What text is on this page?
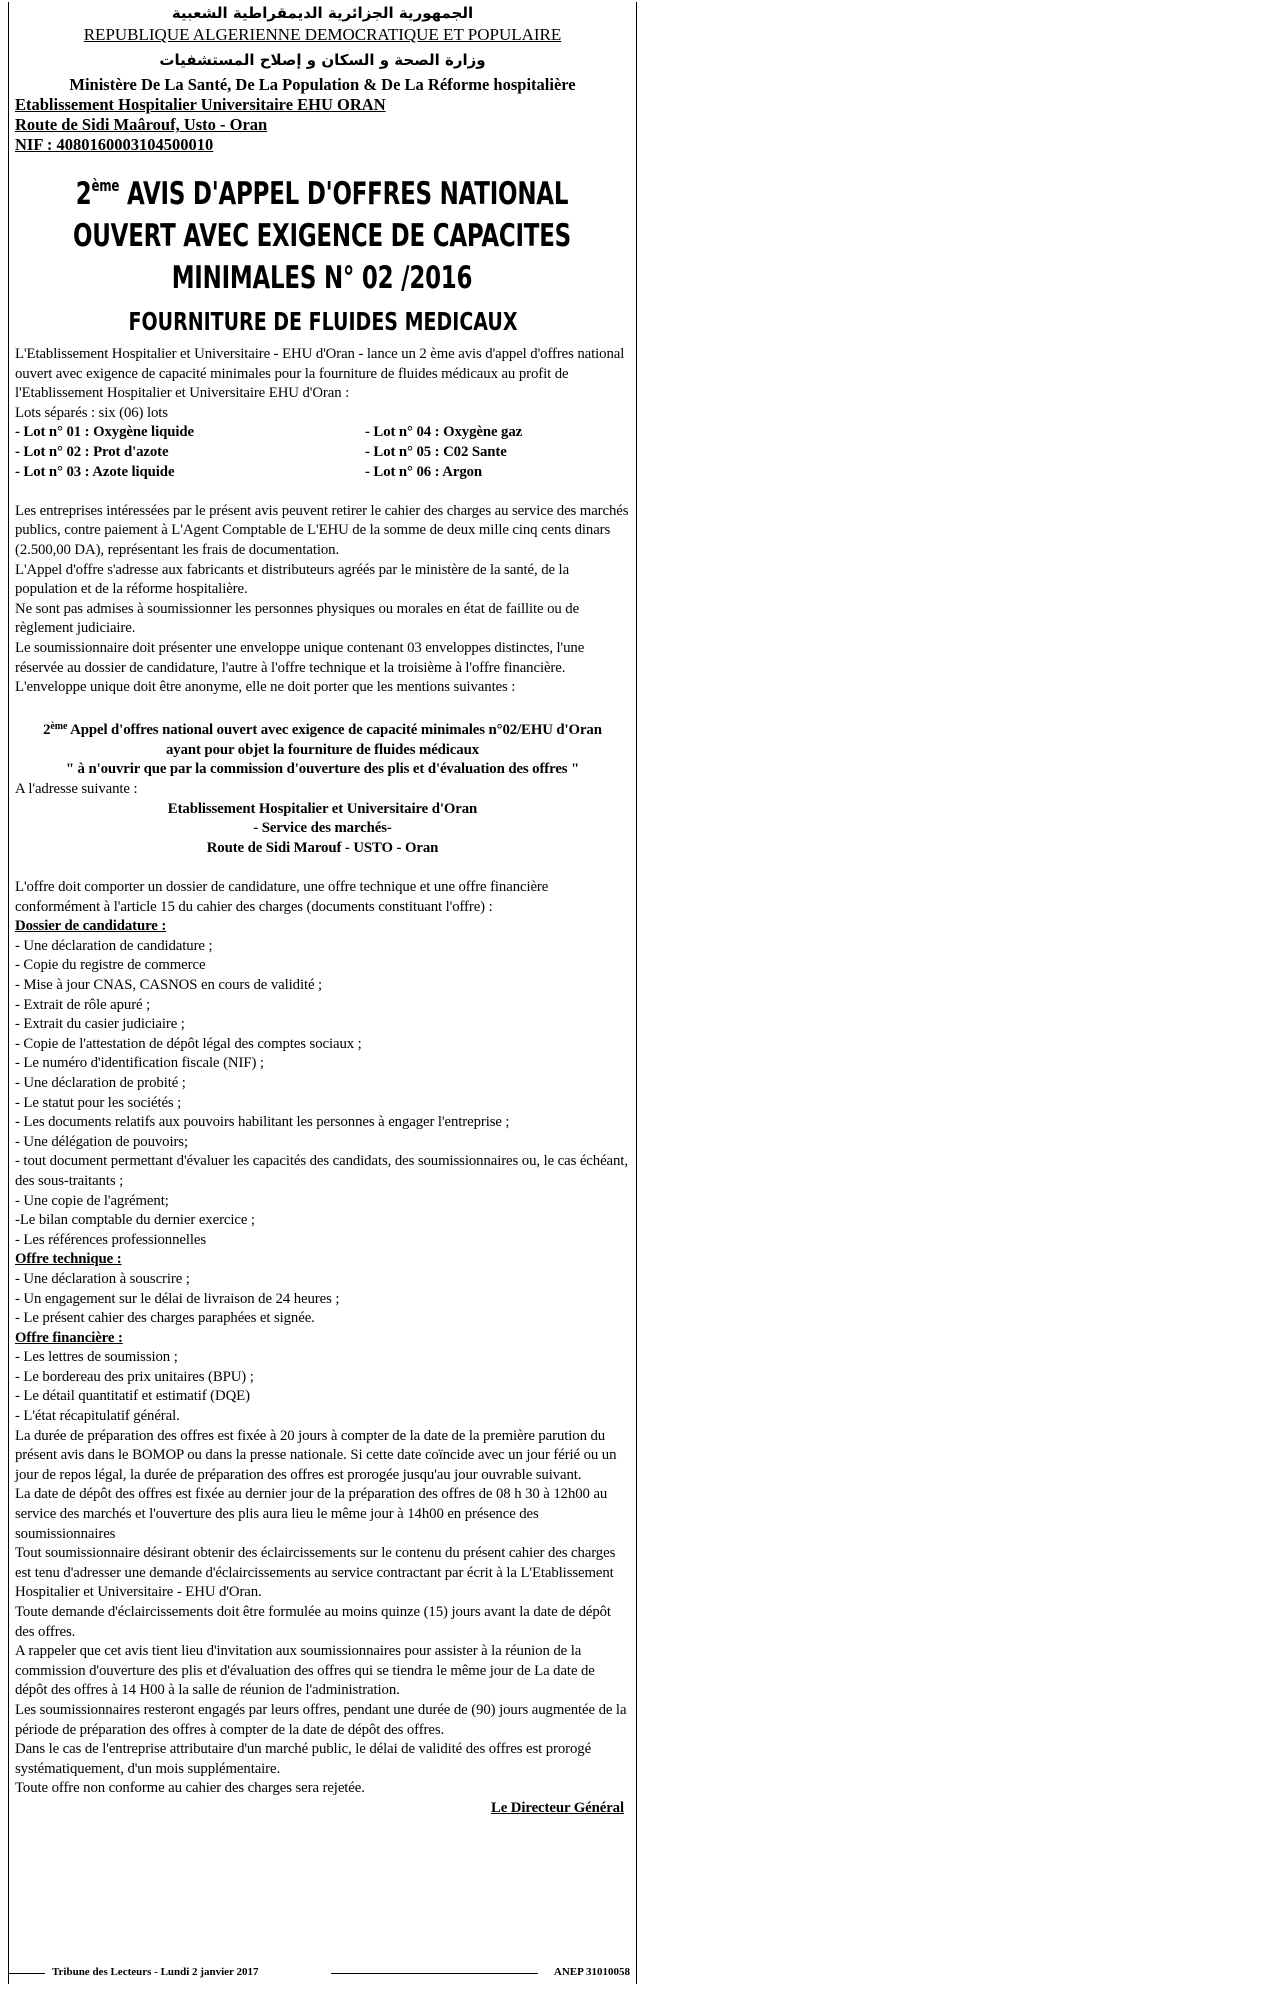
الجمهورية الجزائرية الديمقراطية الشعبية
REPUBLIQUE ALGERIENNE DEMOCRATIQUE ET POPULAIRE
وزارة الصحة و السكان و إصلاح المستشفيات
Ministère De La Santé, De La Population & De La Réforme hospitalière
Etablissement Hospitalier Universitaire EHU ORAN
Route de Sidi Maârouf, Usto - Oran
NIF : 408016000310450001​0
2ème AVIS D'APPEL D'OFFRES NATIONAL
OUVERT AVEC EXIGENCE DE CAPACITES
MINIMALES N° 02 /2016
FOURNITURE DE FLUIDES MEDICAUX

L'Etablissement Hospitalier et Universitaire - EHU d'Oran - lance un 2 ème avis d'appel d'offres national ouvert avec exigence de capacité minimales pour la fourniture de fluides médicaux au profit de l'Etablissement Hospitalier et Universitaire EHU d'Oran :

Lots séparés : six (06) lots

- Lot n° 01 : Oxygène liquide	- Lot n° 04 : Oxygène gaz
- Lot n° 02 : Prot d'azote	- Lot n° 05 : C02 Sante
- Lot n° 03 : Azote liquide	- Lot n° 06 : Argon

Les entreprises intéressées par le présent avis peuvent retirer le cahier des charges au service des marchés publics, contre paiement à L'Agent Comptable de L'EHU de la somme de deux mille cinq cents dinars (2.500,00 DA), représentant les frais de documentation.

L'Appel d'offre s'adresse aux fabricants et distributeurs agréés par le ministère de la santé, de la population et de la réforme hospitalière.

Ne sont pas admises à soumissionner les personnes physiques ou morales en état de faillite ou de règlement judiciaire.

Le soumissionnaire doit présenter une enveloppe unique contenant 03 enveloppes distinctes, l'une réservée au dossier de candidature, l'autre à l'offre technique et la troisième à l'offre financière. L'enveloppe unique doit être anonyme, elle ne doit porter que les mentions suivantes :

2ème Appel d'offres national ouvert avec exigence de capacité minimales n°02/EHU d'Oran ayant pour objet la fourniture de fluides médicaux
" à n'ouvrir que par la commission d'ouverture des plis et d'évaluation des offres "

A l'adresse suivante :

Etablissement Hospitalier et Universitaire d'Oran
- Service des marchés-
Route de Sidi Marouf - USTO - Oran

L'offre doit comporter un dossier de candidature, une offre technique et une offre financière conformément à l'article 15 du cahier des charges (documents constituant l'offre) :

Dossier de candidature :
- Une déclaration de candidature ;
- Copie du registre de commerce
- Mise à jour CNAS, CASNOS en cours de validité ;
- Extrait de rôle apuré ;
- Extrait du casier judiciaire ;
- Copie de l'attestation de dépôt légal des comptes sociaux ;
- Le numéro d'identification fiscale (NIF) ;
- Une déclaration de probité ;
- Le statut pour les sociétés ;
- Les documents relatifs aux pouvoirs habilitant les personnes à engager l'entreprise ;
- Une délégation de pouvoirs;
- tout document permettant d'évaluer les capacités des candidats, des soumissionnaires ou, le cas échéant, des sous-traitants ;
- Une copie de l'agrément;
-Le bilan comptable du dernier exercice ;
- Les références professionnelles
Offre technique :
- Une déclaration à souscrire ;
- Un engagement sur le délai de livraison de 24 heures ;
- Le présent cahier des charges paraphées et signée.
Offre financière :
- Les lettres de soumission ;
- Le bordereau des prix unitaires (BPU) ;
- Le détail quantitatif et estimatif (DQE)
- L'état récapitulatif général.

La durée de préparation des offres est fixée à 20 jours à compter de la date de la première parution du présent avis dans le BOMOP ou dans la presse nationale. Si cette date coïncide avec un jour férié ou un jour de repos légal, la durée de préparation des offres est prorogée jusqu'au jour ouvrable suivant.

La date de dépôt des offres est fixée au dernier jour de la préparation des offres de 08 h 30 à 12h00 au service des marchés et l'ouverture des plis aura lieu le même jour à 14h00 en présence des soumissionnaires

Tout soumissionnaire désirant obtenir des éclaircissements sur le contenu du présent cahier des charges est tenu d'adresser une demande d'éclaircissements au service contractant par écrit à la L'Etablissement Hospitalier et Universitaire - EHU d'Oran.

Toute demande d'éclaircissements doit être formulée au moins quinze (15) jours avant la date de dépôt des offres.

A rappeler que cet avis tient lieu d'invitation aux soumissionnaires pour assister à la réunion de la commission d'ouverture des plis et d'évaluation des offres qui se tiendra le même jour de La date de dépôt des offres à 14 H00 à la salle de réunion de l'administration.

Les soumissionnaires resteront engagés par leurs offres, pendant une durée de (90) jours augmentée de la période de préparation des offres à compter de la date de dépôt des offres.

Dans le cas de l'entreprise attributaire d'un marché public, le délai de validité des offres est prorogé systématiquement, d'un mois supplémentaire.

Toute offre non conforme au cahier des charges sera rejetée.

Le Directeur Général
Tribune des Lecteurs - Lundi 2 janvier 2017	ANEP 31010058
